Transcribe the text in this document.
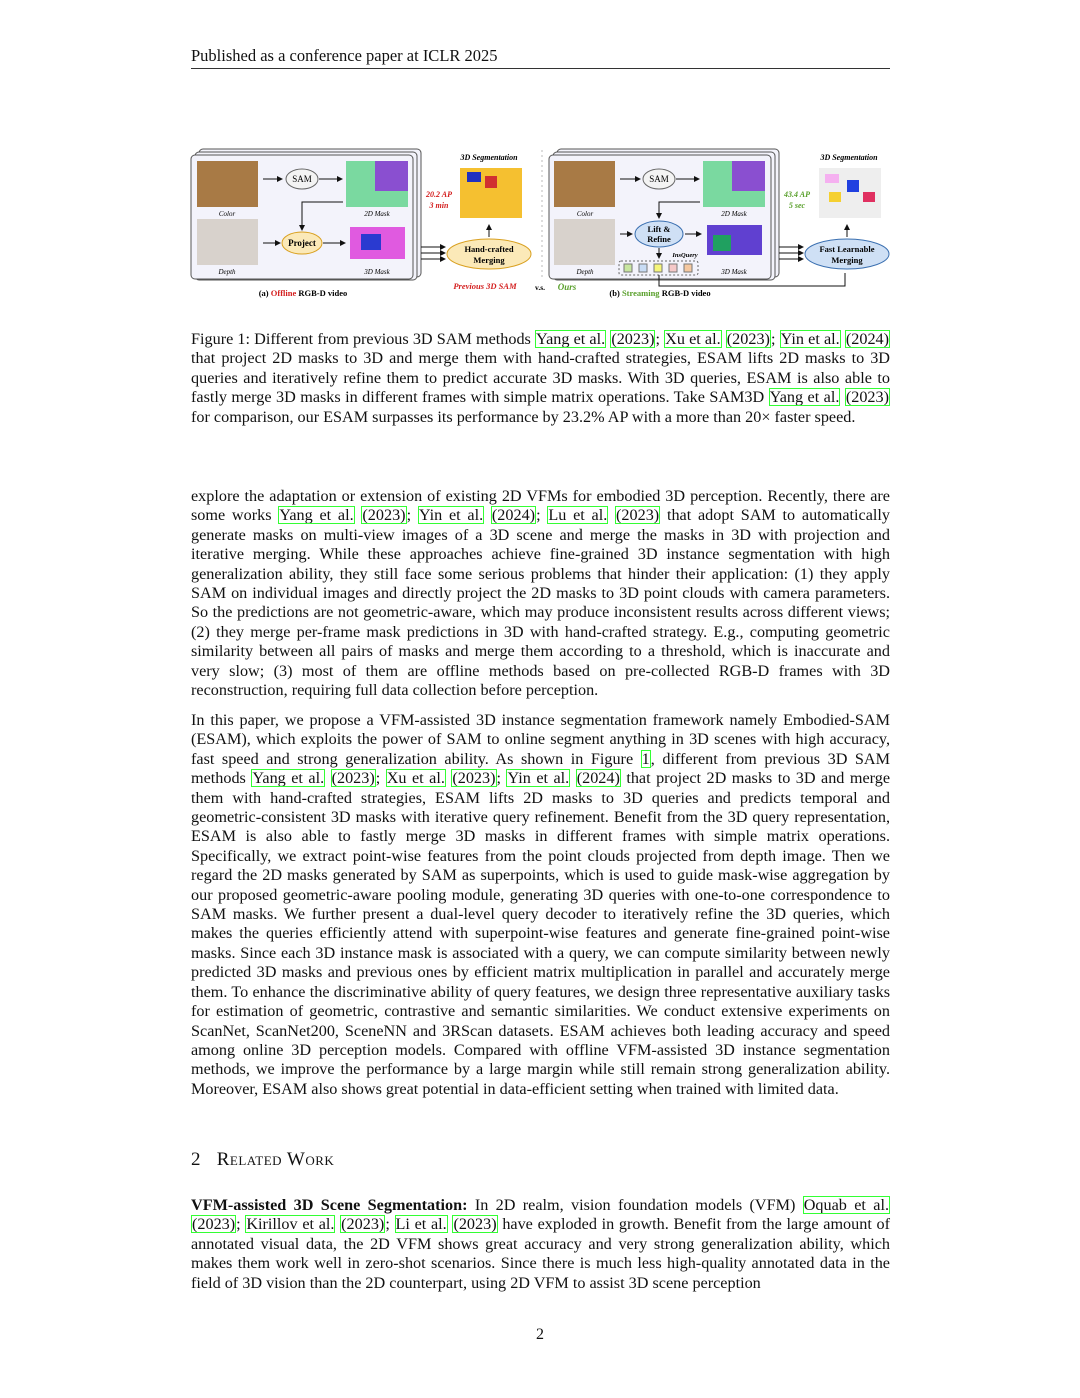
Published as a conference paper at ICLR 2025
SAM
Project
Color
Depth
2D Mask
3D Mask
Hand-crafted
Merging
3D Segmentation
20.2 AP
3 min
Previous 3D SAM
(a) Offline RGB-D video
v.s. Ours
SAM
Lift &
Refine
InsQuery
Color
Depth
2D Mask
3D Mask
Fast Learnable
Merging
3D Segmentation
43.4 AP
5 sec
(b) Streaming RGB-D video
Figure 1: Different from previous 3D SAM methods Yang et al. (2023); Xu et al. (2023); Yin et al. (2024) that project 2D masks to 3D and merge them with hand-crafted strategies, ESAM lifts 2D masks to 3D queries and iteratively refine them to predict accurate 3D masks. With 3D queries, ESAM is also able to fastly merge 3D masks in different frames with simple matrix operations. Take SAM3D Yang et al. (2023) for comparison, our ESAM surpasses its performance by 23.2% AP with a more than 20× faster speed.
explore the adaptation or extension of existing 2D VFMs for embodied 3D perception. Recently, there are some works Yang et al. (2023); Yin et al. (2024); Lu et al. (2023) that adopt SAM to automatically generate masks on multi-view images of a 3D scene and merge the masks in 3D with projection and iterative merging. While these approaches achieve fine-grained 3D instance segmentation with high generalization ability, they still face some serious problems that hinder their application: (1) they apply SAM on individual images and directly project the 2D masks to 3D point clouds with camera parameters. So the predictions are not geometric-aware, which may produce inconsistent results across different views; (2) they merge per-frame mask predictions in 3D with hand-crafted strategy. E.g., computing geometric similarity between all pairs of masks and merge them according to a threshold, which is inaccurate and very slow; (3) most of them are offline methods based on pre-collected RGB-D frames with 3D reconstruction, requiring full data collection before perception.
In this paper, we propose a VFM-assisted 3D instance segmentation framework namely Embodied-SAM (ESAM), which exploits the power of SAM to online segment anything in 3D scenes with high accuracy, fast speed and strong generalization ability. As shown in Figure 1, different from previous 3D SAM methods Yang et al. (2023); Xu et al. (2023); Yin et al. (2024) that project 2D masks to 3D and merge them with hand-crafted strategies, ESAM lifts 2D masks to 3D queries and predicts temporal and geometric-consistent 3D masks with iterative query refinement. Benefit from the 3D query representation, ESAM is also able to fastly merge 3D masks in different frames with simple matrix operations. Specifically, we extract point-wise features from the point clouds projected from depth image. Then we regard the 2D masks generated by SAM as superpoints, which is used to guide mask-wise aggregation by our proposed geometric-aware pooling module, generating 3D queries with one-to-one correspondence to SAM masks. We further present a dual-level query decoder to iteratively refine the 3D queries, which makes the queries efficiently attend with superpoint-wise features and generate fine-grained point-wise masks. Since each 3D instance mask is associated with a query, we can compute similarity between newly predicted 3D masks and previous ones by efficient matrix multiplication in parallel and accurately merge them. To enhance the discriminative ability of query features, we design three representative auxiliary tasks for estimation of geometric, contrastive and semantic similarities. We conduct extensive experiments on ScanNet, ScanNet200, SceneNN and 3RScan datasets. ESAM achieves both leading accuracy and speed among online 3D perception models. Compared with offline VFM-assisted 3D instance segmentation methods, we improve the performance by a large margin while still remain strong generalization ability. Moreover, ESAM also shows great potential in data-efficient setting when trained with limited data.
2 Related Work
VFM-assisted 3D Scene Segmentation: In 2D realm, vision foundation models (VFM) Oquab et al. (2023); Kirillov et al. (2023); Li et al. (2023) have exploded in growth. Benefit from the large amount of annotated visual data, the 2D VFM shows great accuracy and very strong generalization ability, which makes them work well in zero-shot scenarios. Since there is much less high-quality annotated data in the field of 3D vision than the 2D counterpart, using 2D VFM to assist 3D scene perception
2
